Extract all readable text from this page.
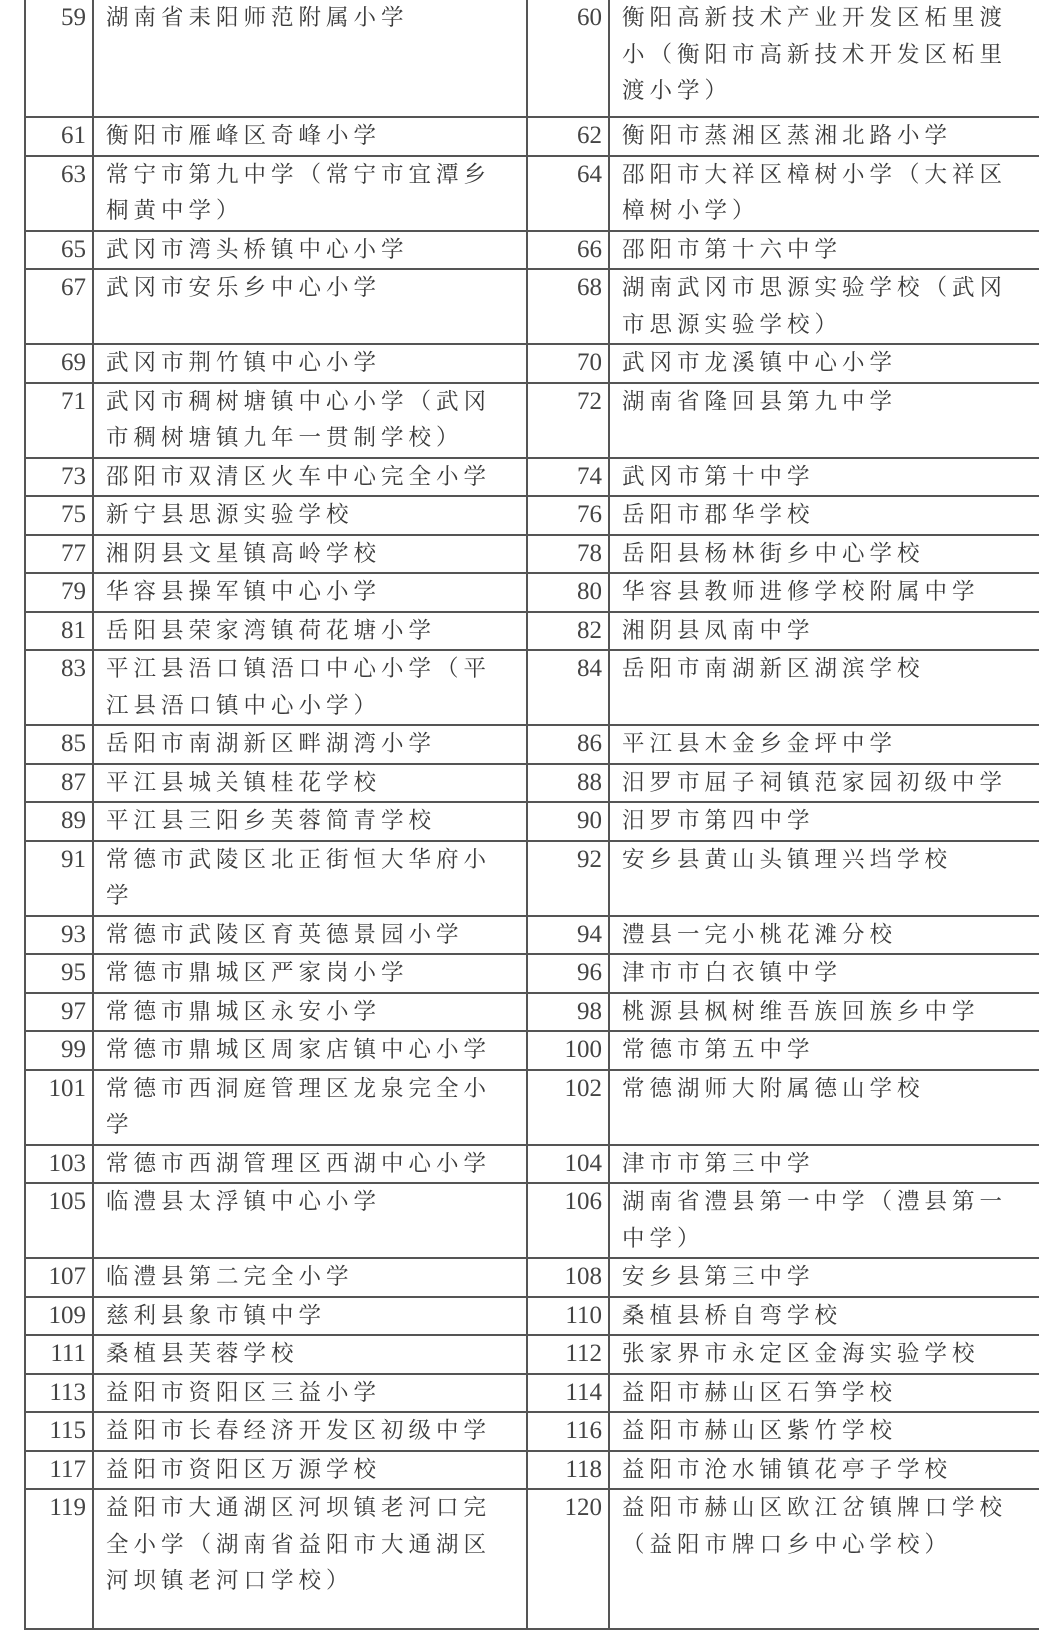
59	湖南省耒阳师范附属小学	60	衡阳高新技术产业开发区柘里渡小（衡阳市高新技术开发区柘里渡小学）
61	衡阳市雁峰区奇峰小学	62	衡阳市蒸湘区蒸湘北路小学
63	常宁市第九中学（常宁市宜潭乡桐黄中学）	64	邵阳市大祥区樟树小学（大祥区樟树小学）
65	武冈市湾头桥镇中心小学	66	邵阳市第十六中学
67	武冈市安乐乡中心小学	68	湖南武冈市思源实验学校（武冈市思源实验学校）
69	武冈市荆竹镇中心小学	70	武冈市龙溪镇中心小学
71	武冈市稠树塘镇中心小学（武冈市稠树塘镇九年一贯制学校）	72	湖南省隆回县第九中学
73	邵阳市双清区火车中心完全小学	74	武冈市第十中学
75	新宁县思源实验学校	76	岳阳市郡华学校
77	湘阴县文星镇高岭学校	78	岳阳县杨林街乡中心学校
79	华容县操军镇中心小学	80	华容县教师进修学校附属中学
81	岳阳县荣家湾镇荷花塘小学	82	湘阴县凤南中学
83	平江县浯口镇浯口中心小学（平江县浯口镇中心小学）	84	岳阳市南湖新区湖滨学校
85	岳阳市南湖新区畔湖湾小学	86	平江县木金乡金坪中学
87	平江县城关镇桂花学校	88	汨罗市屈子祠镇范家园初级中学
89	平江县三阳乡芙蓉简青学校	90	汨罗市第四中学
91	常德市武陵区北正街恒大华府小学	92	安乡县黄山头镇理兴垱学校
93	常德市武陵区育英德景园小学	94	澧县一完小桃花滩分校
95	常德市鼎城区严家岗小学	96	津市市白衣镇中学
97	常德市鼎城区永安小学	98	桃源县枫树维吾族回族乡中学
99	常德市鼎城区周家店镇中心小学	100	常德市第五中学
101	常德市西洞庭管理区龙泉完全小学	102	常德湖师大附属德山学校
103	常德市西湖管理区西湖中心小学	104	津市市第三中学
105	临澧县太浮镇中心小学	106	湖南省澧县第一中学（澧县第一中学）
107	临澧县第二完全小学	108	安乡县第三中学
109	慈利县象市镇中学	110	桑植县桥自弯学校
111	桑植县芙蓉学校	112	张家界市永定区金海实验学校
113	益阳市资阳区三益小学	114	益阳市赫山区石笋学校
115	益阳市长春经济开发区初级中学	116	益阳市赫山区紫竹学校
117	益阳市资阳区万源学校	118	益阳市沧水铺镇花亭子学校
119	益阳市大通湖区河坝镇老河口完全小学（湖南省益阳市大通湖区河坝镇老河口学校）	120	益阳市赫山区欧江岔镇牌口学校（益阳市牌口乡中心学校）
